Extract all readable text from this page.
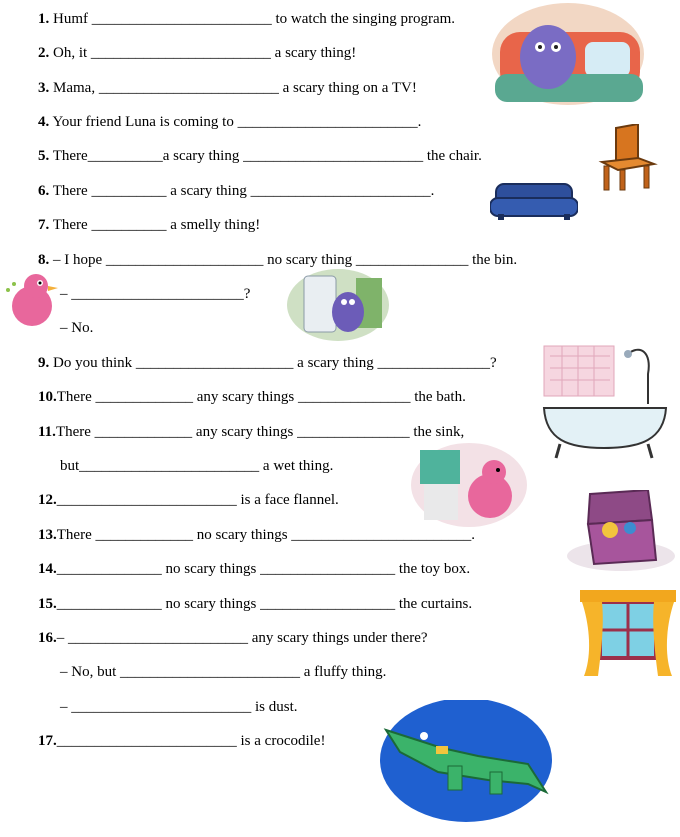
1. Humf ________________________ to watch the singing program.
2. Oh, it ________________________ a scary thing!
3. Mama, ________________________ a scary thing on a TV!
4. Your friend Luna is coming to ________________________.
5. There__________a scary thing ________________________ the chair.
6. There __________ a scary thing ________________________.
7. There __________ a smelly thing!
8. – I hope _____________________ no scary thing _______________ the bin.
– _______________________?
– No.
9. Do you think _____________________ a scary thing _______________?
10.There _____________ any scary things _______________ the bath.
11.There _____________ any scary things _______________ the sink,
but________________________ a wet thing.
12.________________________ is a face flannel.
13.There _____________ no scary things ________________________.
14.______________ no scary things __________________ the toy box.
15.______________ no scary things __________________ the curtains.
16.– ________________________ any scary things under there?
– No, but ________________________ a fluffy thing.
– ________________________ is dust.
17.________________________ is a crocodile!
